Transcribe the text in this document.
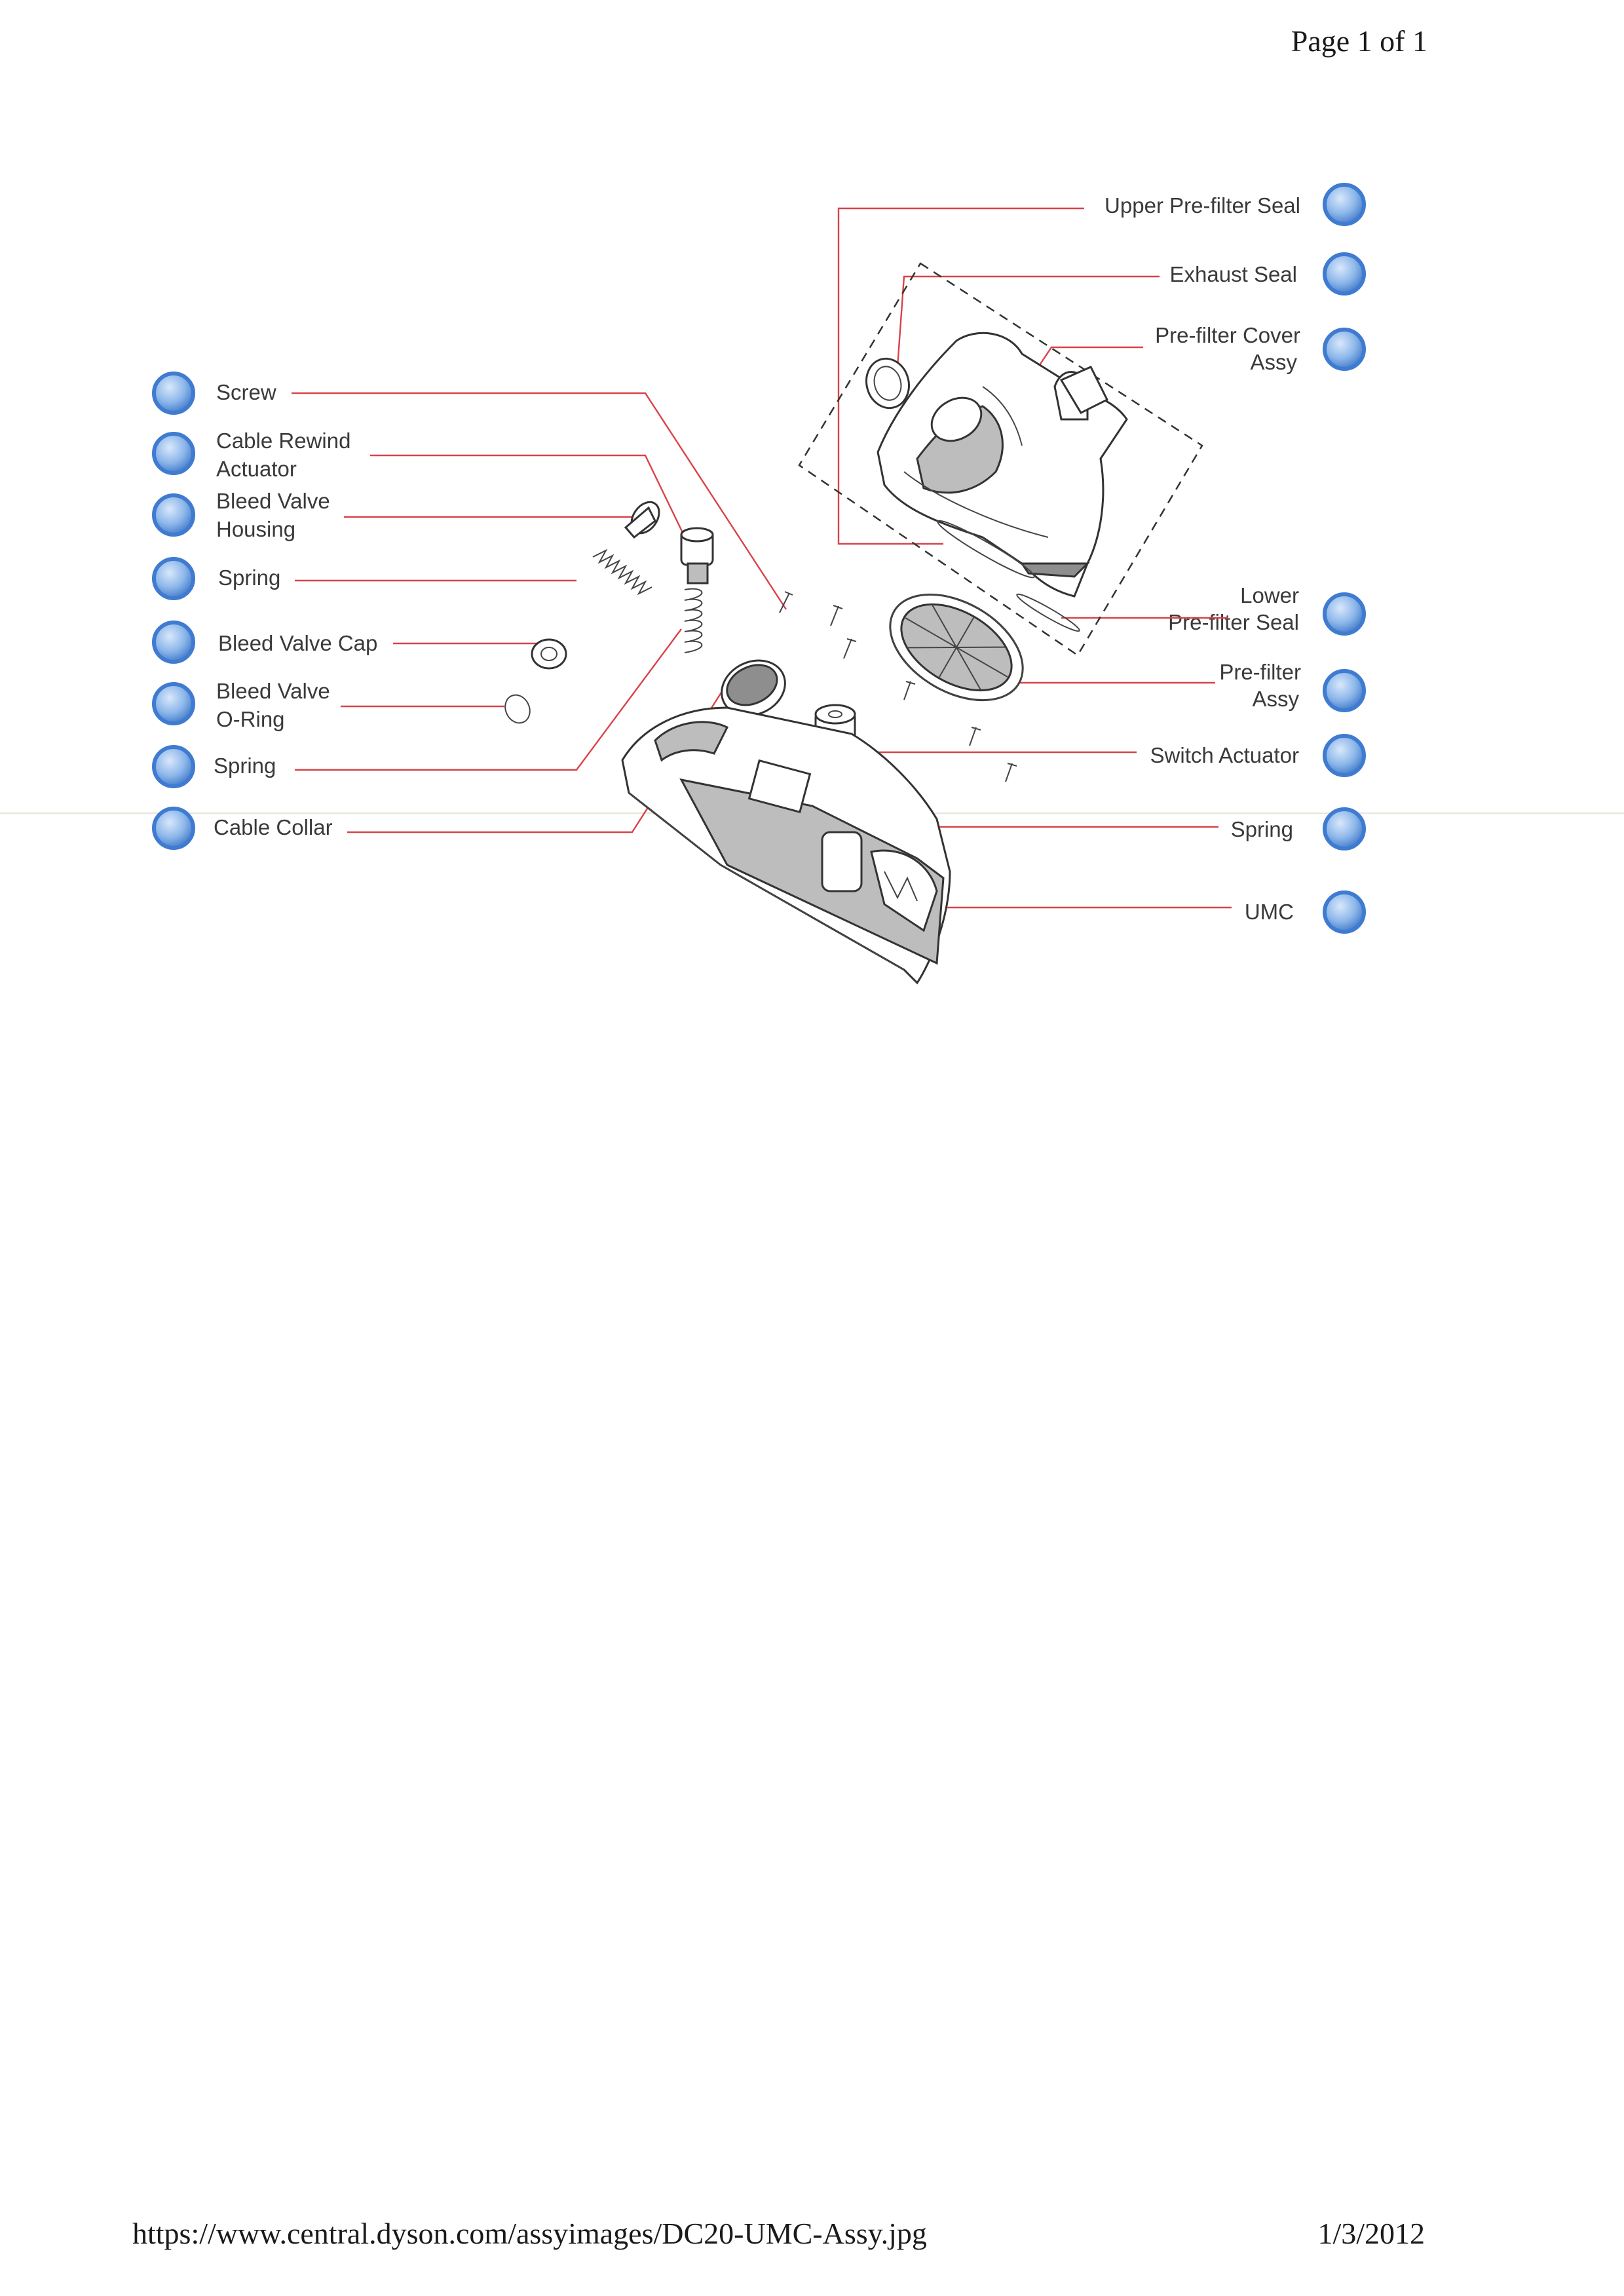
Page 1 of 1
Screw
Cable Rewind
Actuator
Bleed Valve
Housing
Spring
Bleed Valve Cap
Bleed Valve
O-Ring
Spring
Cable Collar
Upper Pre-filter Seal
Exhaust Seal
Pre-filter Cover
Assy
Lower
Pre-filter Seal
Pre-filter
Assy
Switch Actuator
Spring
UMC
https://www.central.dyson.com/assyimages/DC20-UMC-Assy.jpg	1/3/2012
